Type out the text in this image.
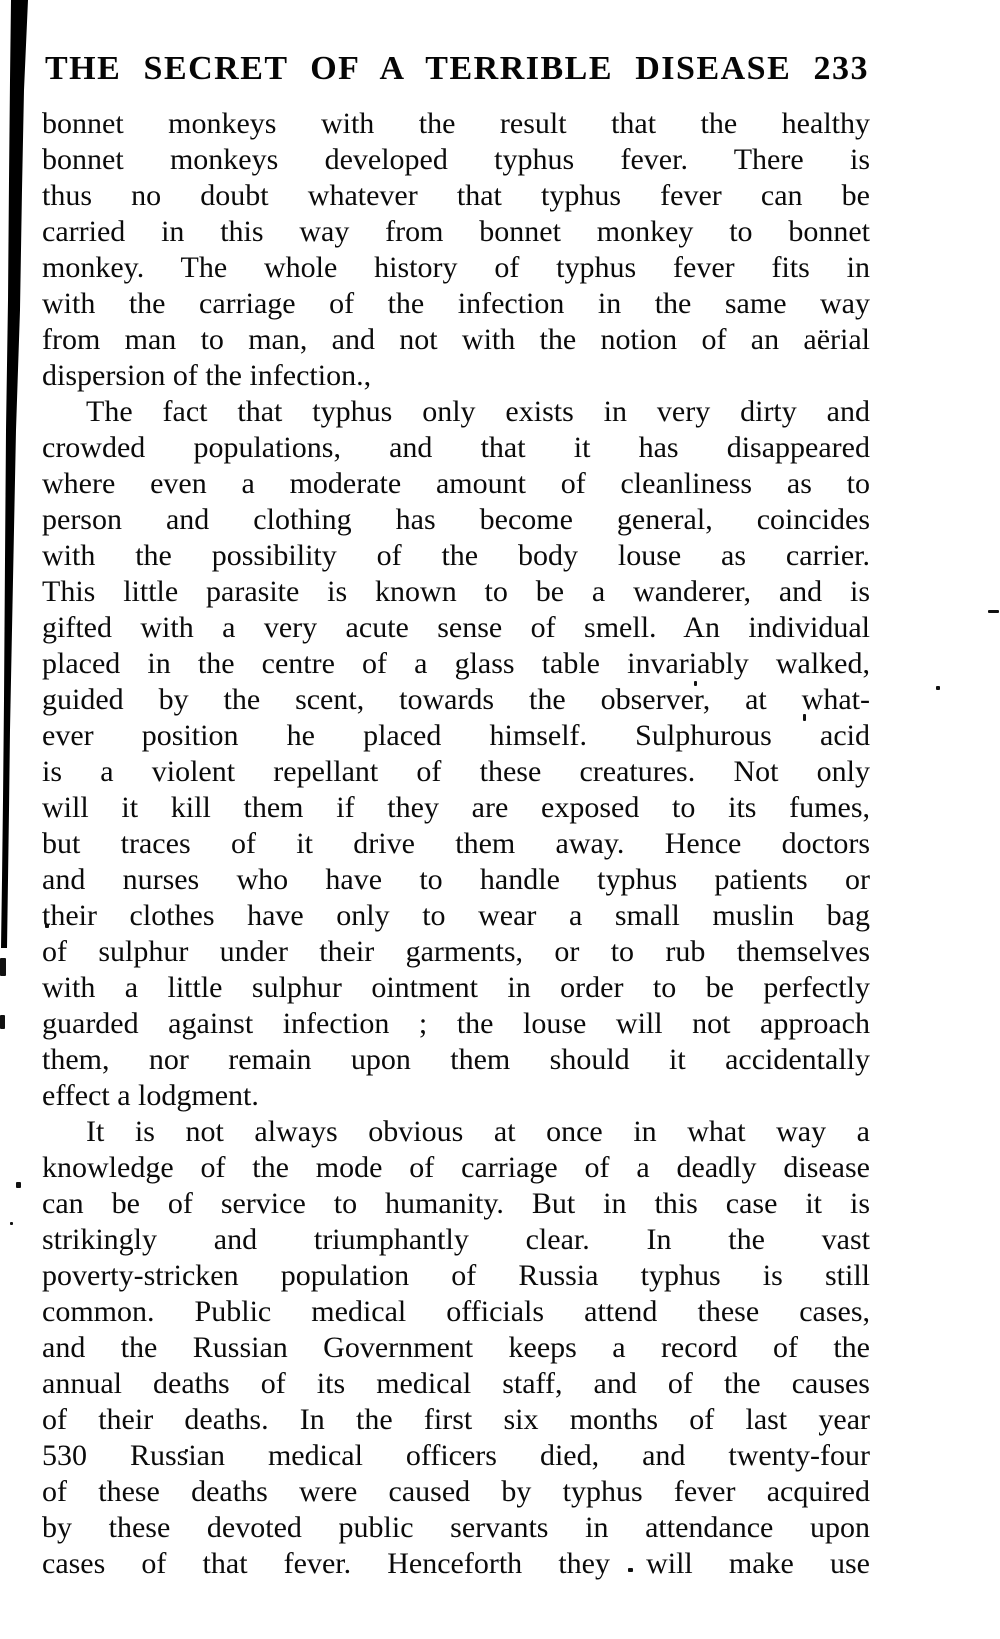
THE SECRET OF A TERRIBLE DISEASE 233
bonnet monkeys with the result that the healthy
bonnet monkeys developed typhus fever. There is
thus no doubt whatever that typhus fever can be
carried in this way from bonnet monkey to bonnet
monkey. The whole history of typhus fever fits in
with the carriage of the infection in the same way
from man to man, and not with the notion of an aërial
dispersion of the infection.,
The fact that typhus only exists in very dirty and
crowded populations, and that it has disappeared
where even a moderate amount of cleanliness as to
person and clothing has become general, coincides
with the possibility of the body louse as carrier.
This little parasite is known to be a wanderer, and is
gifted with a very acute sense of smell. An individual
placed in the centre of a glass table invariably walked,
guided by the scent, towards the observer, at what-
ever position he placed himself. Sulphurous acid
is a violent repellant of these creatures. Not only
will it kill them if they are exposed to its fumes,
but traces of it drive them away. Hence doctors
and nurses who have to handle typhus patients or
their clothes have only to wear a small muslin bag
of sulphur under their garments, or to rub themselves
with a little sulphur ointment in order to be perfectly
guarded against infection ; the louse will not approach
them, nor remain upon them should it accidentally
effect a lodgment.
It is not always obvious at once in what way a
knowledge of the mode of carriage of a deadly disease
can be of service to humanity. But in this case it is
strikingly and triumphantly clear. In the vast
poverty-stricken population of Russia typhus is still
common. Public medical officials attend these cases,
and the Russian Government keeps a record of the
annual deaths of its medical staff, and of the causes
of their deaths. In the first six months of last year
530 Russian medical officers died, and twenty-four
of these deaths were caused by typhus fever acquired
by these devoted public servants in attendance upon
cases of that fever. Henceforth they will make use
